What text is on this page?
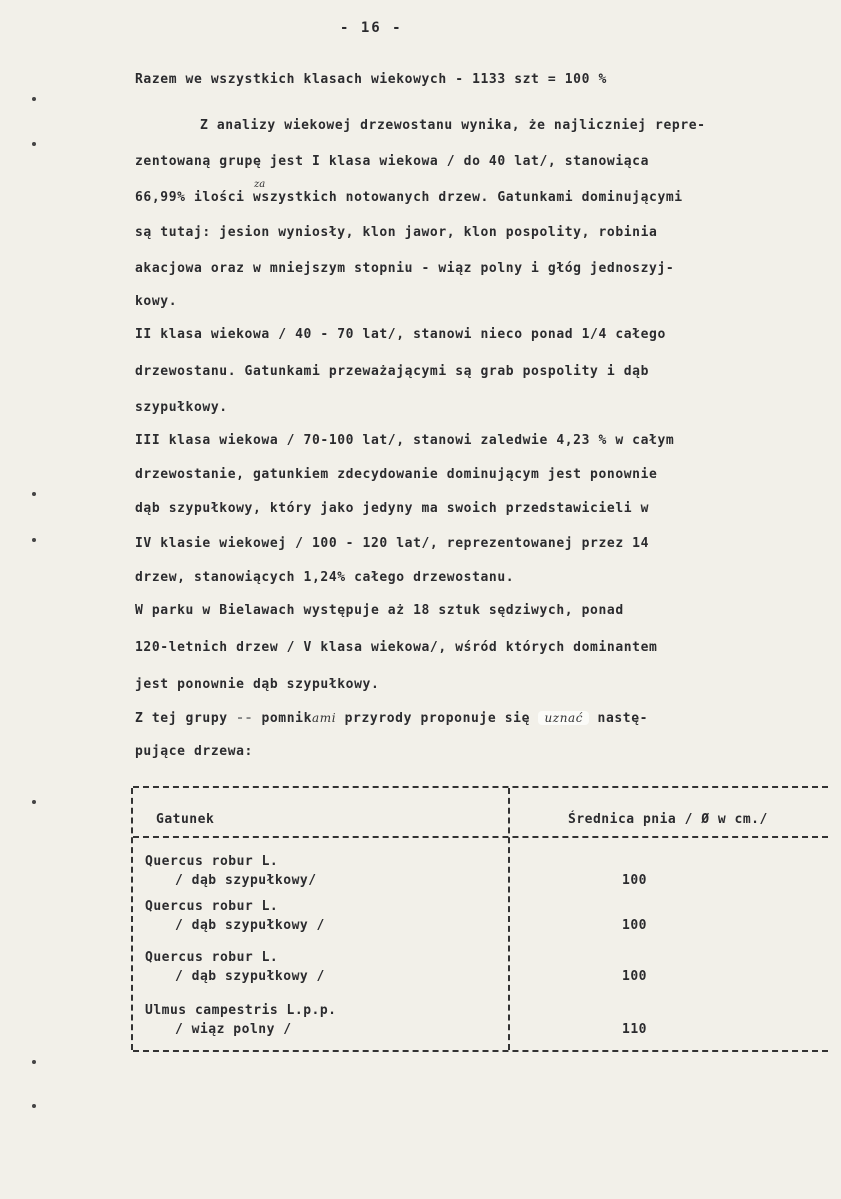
- 16 -
Razem we wszystkich klasach wiekowych - 1133 szt = 100 %
Z analizy wiekowej drzewostanu wynika, że najliczniej repre-
zentowaną grupę jest I klasa wiekowa / do 40 lat/, stanowiąca
za
66,99% ilości wszystkich notowanych drzew. Gatunkami dominującymi
są tutaj: jesion wyniosły, klon jawor, klon pospolity, robinia
akacjowa oraz w mniejszym stopniu - wiąz polny i głóg jednoszyj-
kowy.
II klasa wiekowa / 40 - 70 lat/, stanowi nieco ponad 1/4 całego
drzewostanu. Gatunkami przeważającymi są grab pospolity i dąb
szypułkowy.
III klasa wiekowa / 70-100 lat/, stanowi zaledwie 4,23 % w całym
drzewostanie, gatunkiem zdecydowanie dominującym jest ponownie
dąb szypułkowy, który jako jedyny ma swoich przedstawicieli w
IV klasie wiekowej / 100 - 120 lat/, reprezentowanej przez 14
drzew, stanowiących 1,24% całego drzewostanu.
W parku w Bielawach występuje aż 18 sztuk sędziwych, ponad
120-letnich drzew / V klasa wiekowa/, wśród których dominantem
jest ponownie dąb szypułkowy.
Z tej grupy -- pomnikami przyrody proponuje się uznać nastę-
pujące drzewa:
Gatunek	Średnica pnia / Ø w cm./
Quercus robur L.
/ dąb szypułkowy/	100
Quercus robur L.
/ dąb szypułkowy /	100
Quercus robur L.
/ dąb szypułkowy /	100
Ulmus campestris L.p.p.
/ wiąz polny /	110
